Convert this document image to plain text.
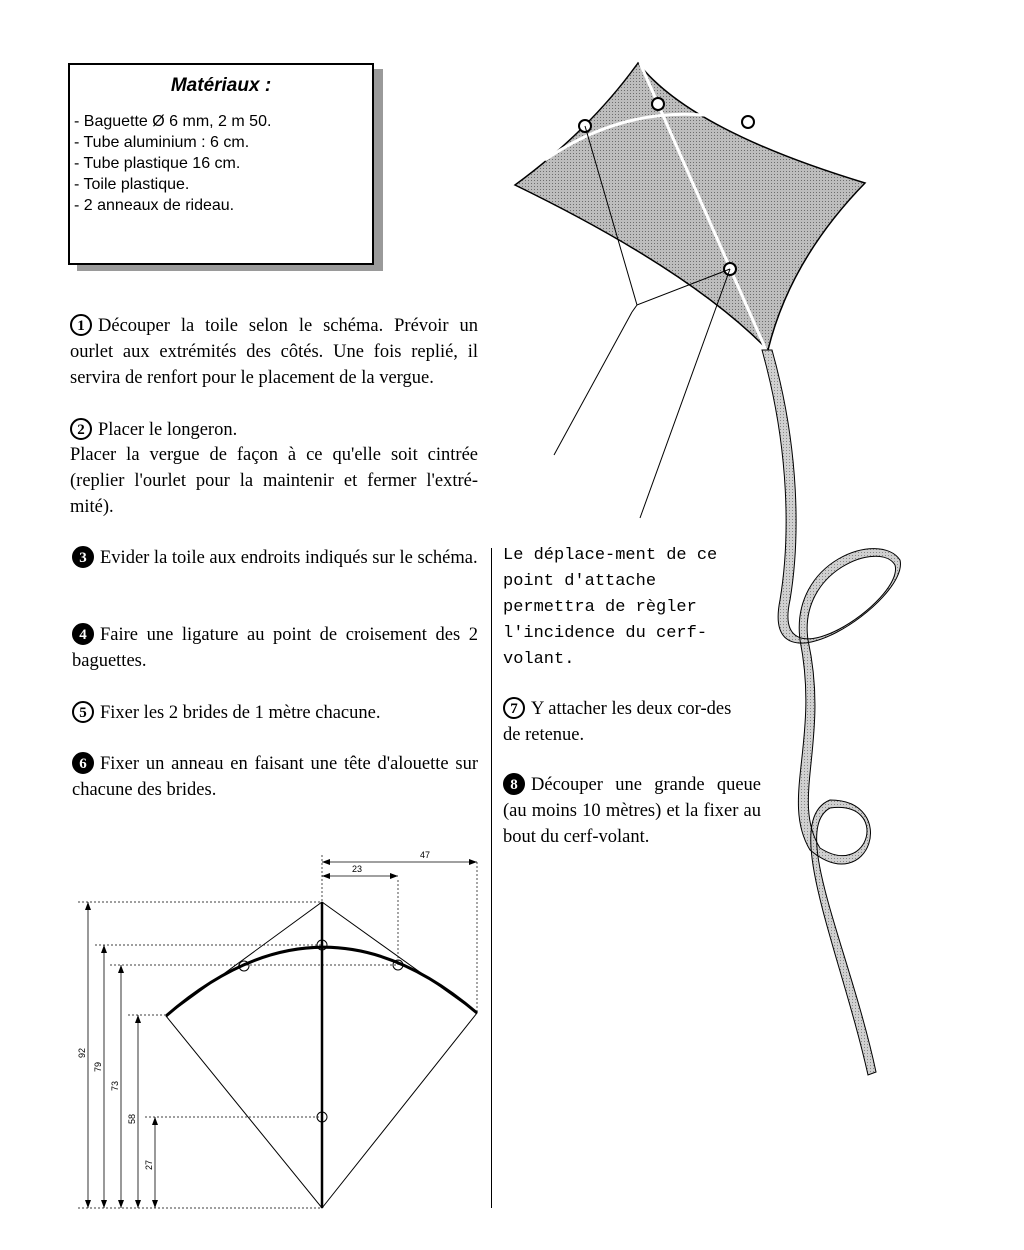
Matériaux :
- Baguette Ø 6 mm, 2 m 50.
- Tube aluminium : 6 cm.
- Tube plastique 16 cm.
- Toile plastique.
- 2 anneaux de rideau.
1 Découper la toile selon le schéma. Prévoir un ourlet aux extrémités des côtés. Une fois replié, il servira de renfort pour le placement de la vergue.
2 Placer le longeron.
Placer la vergue de façon à ce qu'elle soit cintrée (replier l'ourlet pour la maintenir et fermer l'extré-mité).
3 Evider la toile aux endroits indiqués sur le schéma.
4 Faire une ligature au point de croisement des 2 baguettes.
5 Fixer les 2 brides de 1 mètre chacune.
6 Fixer un anneau en faisant une tête d'alouette sur chacune des brides.
Le déplace-ment de ce point d'attache permettra de règler l'incidence du cerf-volant.
7 Y attacher les deux cor-des de retenue.
8 Découper une grande queue (au moins 10 mètres) et la fixer au bout du cerf-volant.
47
23
92
79
73
58
27
